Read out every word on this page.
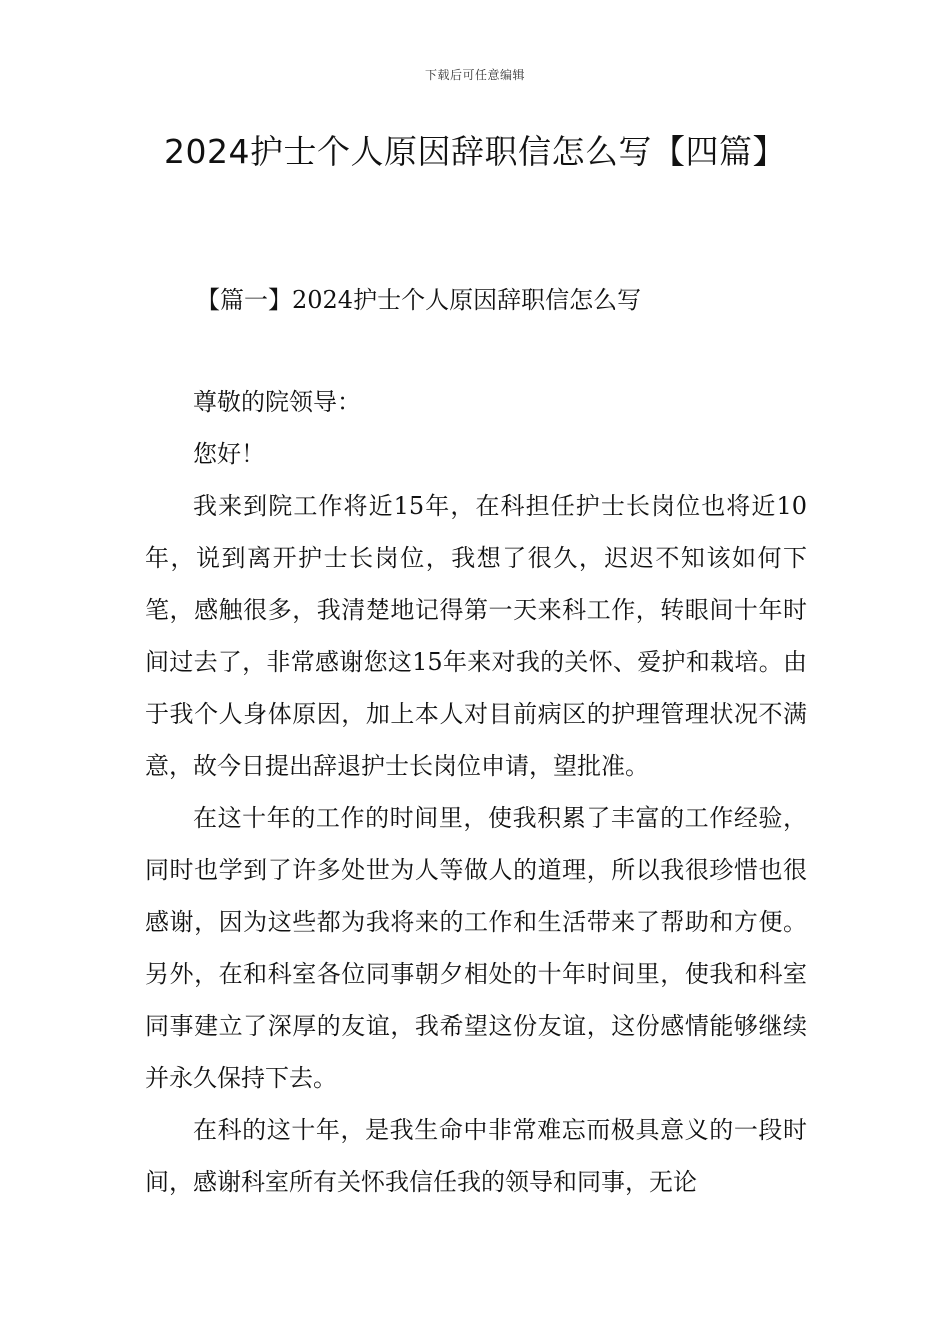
下载后可任意编辑
2024护士个人原因辞职信怎么写【四篇】
【篇一】2024护士个人原因辞职信怎么写

尊敬的院领导：

您好！

我来到院工作将近15年，在科担任护士长岗位也将近10年，说到离开护士长岗位，我想了很久，迟迟不知该如何下笔，感触很多，我清楚地记得第一天来科工作，转眼间十年时间过去了，非常感谢您这15年来对我的关怀、爱护和栽培。由于我个人身体原因，加上本人对目前病区的护理管理状况不满意，故今日提出辞退护士长岗位申请，望批准。

在这十年的工作的时间里，使我积累了丰富的工作经验，同时也学到了许多处世为人等做人的道理，所以我很珍惜也很感谢，因为这些都为我将来的工作和生活带来了帮助和方便。另外，在和科室各位同事朝夕相处的十年时间里，使我和科室同事建立了深厚的友谊，我希望这份友谊，这份感情能够继续并永久保持下去。

在科的这十年，是我生命中非常难忘而极具意义的一段时间，感谢科室所有关怀我信任我的领导和同事，无论
